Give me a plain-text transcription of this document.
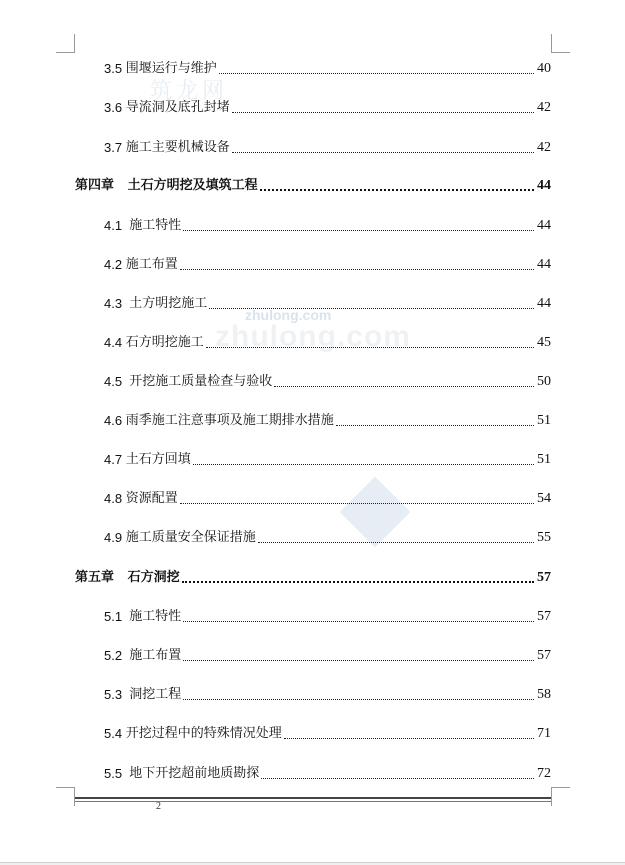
筑龙网
zhulong.com
zhulong.com
3.5 围堰运行与维护	40
3.6 导流洞及底孔封堵	42
3.7 施工主要机械设备	42
第四章   土石方明挖及填筑工程	44
4.1 施工特性	44
4.2 施工布置	44
4.3 土方明挖施工	44
4.4 石方明挖施工	45
4.5 开挖施工质量检查与验收	50
4.6 雨季施工注意事项及施工期排水措施	51
4.7 土石方回填	51
4.8 资源配置	54
4.9 施工质量安全保证措施	55
第五章   石方洞挖	57
5.1 施工特性	57
5.2 施工布置	57
5.3 洞挖工程	58
5.4 开挖过程中的特殊情况处理	71
5.5 地下开挖超前地质勘探	72
2
